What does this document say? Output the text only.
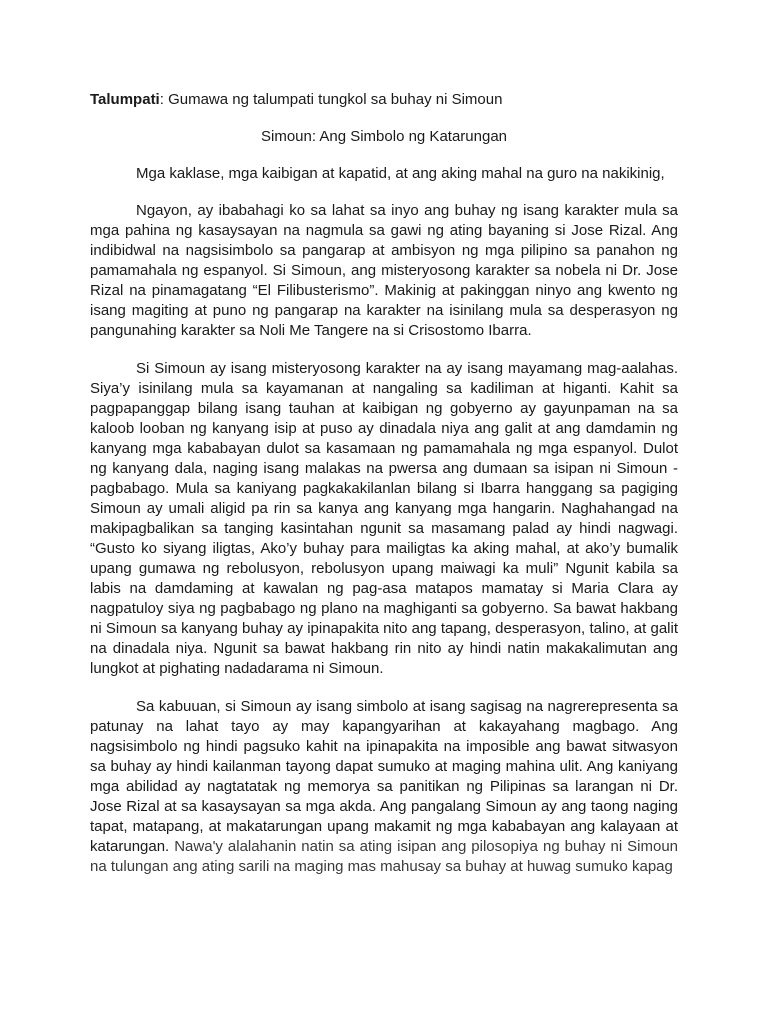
Talumpati: Gumawa ng talumpati tungkol sa buhay ni Simoun

Simoun: Ang Simbolo ng Katarungan

Mga kaklase, mga kaibigan at kapatid, at ang aking mahal na guro na nakikinig,

Ngayon, ay ibabahagi ko sa lahat sa inyo ang buhay ng isang karakter mula sa mga pahina ng kasaysayan na nagmula sa gawi ng ating bayaning si Jose Rizal. Ang indibidwal na nagsisimbolo sa pangarap at ambisyon ng mga pilipino sa panahon ng pamamahala ng espanyol. Si Simoun, ang misteryosong karakter sa nobela ni Dr. Jose Rizal na pinamagatang “El Filibusterismo”. Makinig at pakinggan ninyo ang kwento ng isang magiting at puno ng pangarap na karakter na isinilang mula sa desperasyon ng pangunahing karakter sa Noli Me Tangere na si Crisostomo Ibarra.

Si Simoun ay isang misteryosong karakter na ay isang mayamang mag-aalahas. Siya’y isinilang mula sa kayamanan at nangaling sa kadiliman at higanti. Kahit sa pagpapanggap bilang isang tauhan at kaibigan ng gobyerno ay gayunpaman na sa kaloob looban ng kanyang isip at puso ay dinadala niya ang galit at ang damdamin ng kanyang mga kababayan dulot sa kasamaan ng pamamahala ng mga espanyol. Dulot ng kanyang dala, naging isang malakas na pwersa ang dumaan sa isipan ni Simoun - pagbabago. Mula sa kaniyang pagkakakilanlan bilang si Ibarra hanggang sa pagiging Simoun ay umali aligid pa rin sa kanya ang kanyang mga hangarin. Naghahangad na makipagbalikan sa tanging kasintahan ngunit sa masamang palad ay hindi nagwagi. “Gusto ko siyang iligtas, Ako’y buhay para mailigtas ka aking mahal, at ako’y bumalik upang gumawa ng rebolusyon, rebolusyon upang maiwagi ka muli” Ngunit kabila sa labis na damdaming at kawalan ng pag-asa matapos mamatay si Maria Clara ay nagpatuloy siya ng pagbabago ng plano na maghiganti sa gobyerno. Sa bawat hakbang ni Simoun sa kanyang buhay ay ipinapakita nito ang tapang, desperasyon, talino, at galit na dinadala niya. Ngunit sa bawat hakbang rin nito ay hindi natin makakalimutan ang lungkot at pighating nadadarama ni Simoun.

Sa kabuuan, si Simoun ay isang simbolo at isang sagisag na nagrerepresenta sa patunay na lahat tayo ay may kapangyarihan at kakayahang magbago. Ang nagsisimbolo ng hindi pagsuko kahit na ipinapakita na imposible ang bawat sitwasyon sa buhay ay hindi kailanman tayong dapat sumuko at maging mahina ulit. Ang kaniyang mga abilidad ay nagtatatak ng memorya sa panitikan ng Pilipinas sa larangan ni Dr. Jose Rizal at sa kasaysayan sa mga akda. Ang pangalang Simoun ay ang taong naging tapat, matapang, at makatarungan upang makamit ng mga kababayan ang kalayaan at katarungan. Nawa'y alalahanin natin sa ating isipan ang pilosopiya ng buhay ni Simoun na tulungan ang ating sarili na maging mas mahusay sa buhay at huwag sumuko kapag
